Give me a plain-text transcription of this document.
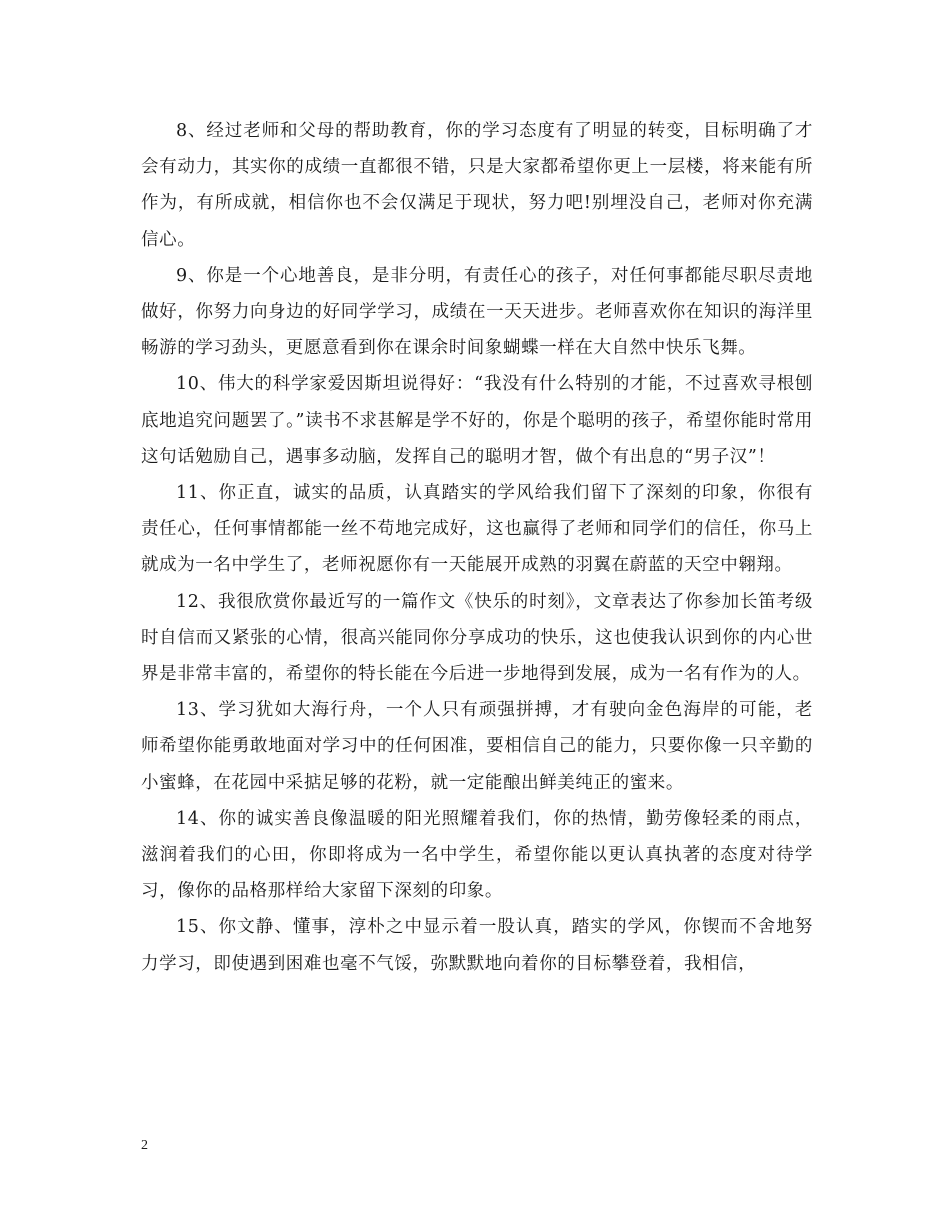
8、经过老师和父母的帮助教育，你的学习态度有了明显的转变，目标明确了才会有动力，其实你的成绩一直都很不错，只是大家都希望你更上一层楼，将来能有所作为，有所成就，相信你也不会仅满足于现状，努力吧!别埋没自己，老师对你充满信心。

9、你是一个心地善良，是非分明，有责任心的孩子，对任何事都能尽职尽责地做好，你努力向身边的好同学学习，成绩在一天天进步。老师喜欢你在知识的海洋里畅游的学习劲头，更愿意看到你在课余时间象蝴蝶一样在大自然中快乐飞舞。

10、伟大的科学家爱因斯坦说得好：“我没有什么特别的才能，不过喜欢寻根刨底地追究问题罢了。”读书不求甚解是学不好的，你是个聪明的孩子，希望你能时常用这句话勉励自己，遇事多动脑，发挥自己的聪明才智，做个有出息的“男子汉”！

11、你正直，诚实的品质，认真踏实的学风给我们留下了深刻的印象，你很有责任心，任何事情都能一丝不苟地完成好，这也赢得了老师和同学们的信任，你马上就成为一名中学生了，老师祝愿你有一天能展开成熟的羽翼在蔚蓝的天空中翱翔。

12、我很欣赏你最近写的一篇作文《快乐的时刻》，文章表达了你参加长笛考级时自信而又紧张的心情，很高兴能同你分享成功的快乐，这也使我认识到你的内心世界是非常丰富的，希望你的特长能在今后进一步地得到发展，成为一名有作为的人。

13、学习犹如大海行舟，一个人只有顽强拼搏，才有驶向金色海岸的可能，老师希望你能勇敢地面对学习中的任何困准，要相信自己的能力，只要你像一只辛勤的小蜜蜂，在花园中采掂足够的花粉，就一定能酿出鲜美纯正的蜜来。

14、你的诚实善良像温暖的阳光照耀着我们，你的热情，勤劳像轻柔的雨点，滋润着我们的心田，你即将成为一名中学生，希望你能以更认真执著的态度对待学习，像你的品格那样给大家留下深刻的印象。

15、你文静、懂事，淳朴之中显示着一股认真，踏实的学风，你锲而不舍地努力学习，即使遇到困难也毫不气馁，弥默默地向着你的目标攀登着，我相信，

2
